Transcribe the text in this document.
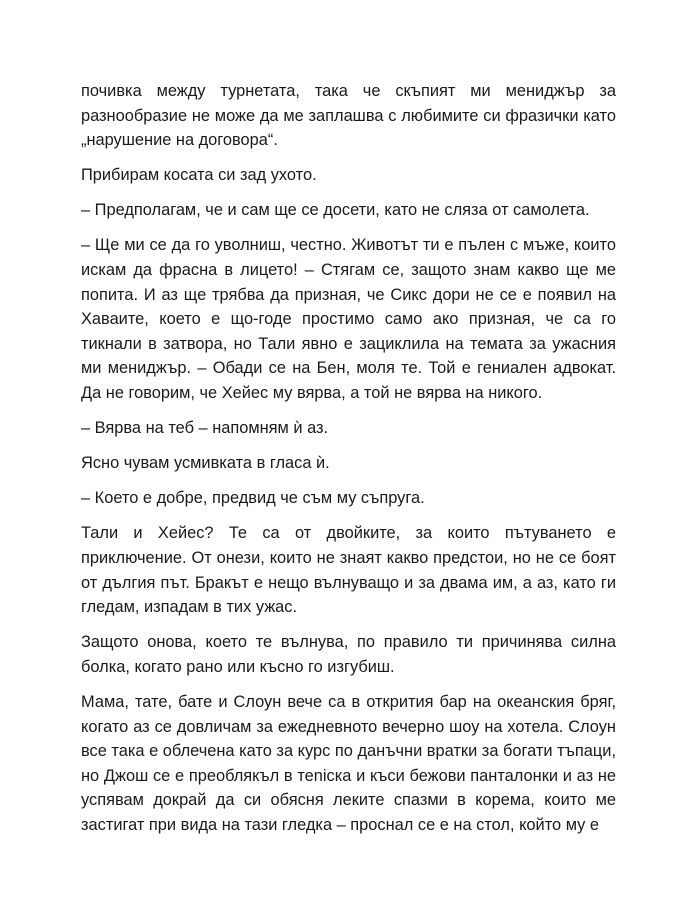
почивка между турнетата, така че скъпият ми мениджър за разнообразие не може да ме заплашва с любимите си фразички като „нарушение на договора“.

Прибирам косата си зад ухото.

– Предполагам, че и сам ще се досети, като не сляза от самолета.

– Ще ми се да го уволниш, честно. Животът ти е пълен с мъже, които искам да фрасна в лицето! – Стягам се, защото знам какво ще ме попита. И аз ще трябва да призная, че Сикс дори не се е появил на Хаваите, което е що-годе простимо само ако призная, че са го тикнали в затвора, но Тали явно е зациклила на темата за ужасния ми мениджър. – Обади се на Бен, моля те. Той е гениален адвокат. Да не говорим, че Хейес му вярва, а той не вярва на никого.

– Вярва на теб – напомням ѝ аз.

Ясно чувам усмивката в гласа ѝ.

– Което е добре, предвид че съм му съпруга.

Тали и Хейес? Те са от двойките, за които пътуването е приключение. От онези, които не знаят какво предстои, но не се боят от дългия път. Бракът е нещо вълнуващо и за двама им, а аз, като ги гледам, изпадам в тих ужас.

Защото онова, което те вълнува, по правило ти причинява силна болка, когато рано или късно го изгубиш.

Мама, тате, бате и Слоун вече са в открития бар на океанския бряг, когато аз се довличам за ежедневното вечерно шоу на хотела. Слоун все така е облечена като за курс по данъчни вратки за богати тъпаци, но Джош се е преоблякъл в теniска и къси бежови панталонки и аз не успявам докрай да си обясня леките спазми в корема, които ме застигат при вида на тази гледка – проснал се е на стол, който му е
